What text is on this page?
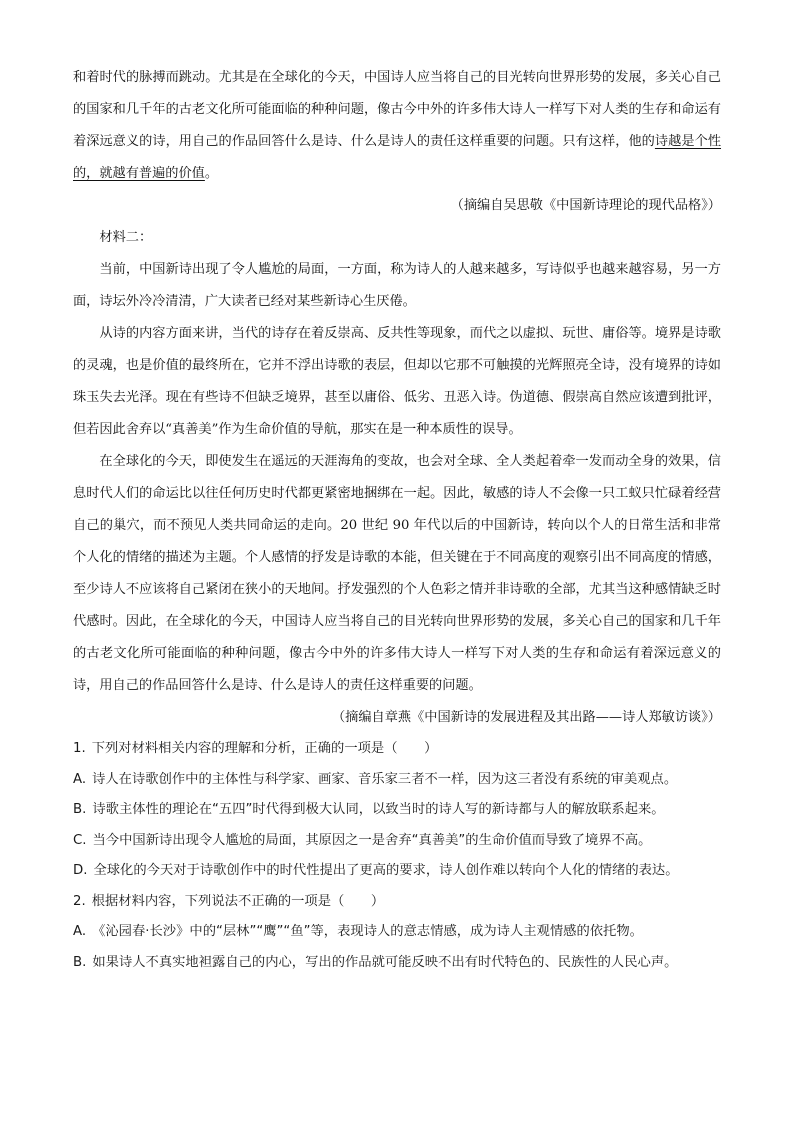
和着时代的脉搏而跳动。尤其是在全球化的今天，中国诗人应当将自己的目光转向世界形势的发展，多关心自己的国家和几千年的古老文化所可能面临的种种问题，像古今中外的许多伟大诗人一样写下对人类的生存和命运有着深远意义的诗，用自己的作品回答什么是诗、什么是诗人的责任这样重要的问题。只有这样，他的诗越是个性的，就越有普遍的价值。

（摘编自吴思敬《中国新诗理论的现代品格》）

材料二：

当前，中国新诗出现了令人尴尬的局面，一方面，称为诗人的人越来越多，写诗似乎也越来越容易，另一方面，诗坛外冷冷清清，广大读者已经对某些新诗心生厌倦。

从诗的内容方面来讲，当代的诗存在着反崇高、反共性等现象，而代之以虚拟、玩世、庸俗等。境界是诗歌的灵魂，也是价值的最终所在，它并不浮出诗歌的表层，但却以它那不可触摸的光辉照亮全诗，没有境界的诗如珠玉失去光泽。现在有些诗不但缺乏境界，甚至以庸俗、低劣、丑恶入诗。伪道德、假崇高自然应该遭到批评，但若因此舍弃以“真善美”作为生命价值的导航，那实在是一种本质性的误导。

在全球化的今天，即使发生在遥远的天涯海角的变故，也会对全球、全人类起着牵一发而动全身的效果，信息时代人们的命运比以往任何历史时代都更紧密地捆绑在一起。因此，敏感的诗人不会像一只工蚁只忙碌着经营自己的巢穴，而不预见人类共同命运的走向。20 世纪 90 年代以后的中国新诗，转向以个人的日常生活和非常个人化的情绪的描述为主题。个人感情的抒发是诗歌的本能，但关键在于不同高度的观察引出不同高度的情感，至少诗人不应该将自己紧闭在狭小的天地间。抒发强烈的个人色彩之情并非诗歌的全部，尤其当这种感情缺乏时代感时。因此，在全球化的今天，中国诗人应当将自己的目光转向世界形势的发展，多关心自己的国家和几千年的古老文化所可能面临的种种问题，像古今中外的许多伟大诗人一样写下对人类的生存和命运有着深远意义的诗，用自己的作品回答什么是诗、什么是诗人的责任这样重要的问题。

（摘编自章燕《中国新诗的发展进程及其出路——诗人郑敏访谈》）

1. 下列对材料相关内容的理解和分析，正确的一项是（　　）

A. 诗人在诗歌创作中的主体性与科学家、画家、音乐家三者不一样，因为这三者没有系统的审美观点。

B. 诗歌主体性的理论在“五四”时代得到极大认同，以致当时的诗人写的新诗都与人的解放联系起来。

C. 当今中国新诗出现令人尴尬的局面，其原因之一是舍弃“真善美”的生命价值而导致了境界不高。

D. 全球化的今天对于诗歌创作中的时代性提出了更高的要求，诗人创作难以转向个人化的情绪的表达。

2. 根据材料内容，下列说法不正确的一项是（　　）

A. 《沁园春·长沙》中的“层林”“鹰”“鱼”等，表现诗人的意志情感，成为诗人主观情感的依托物。

B. 如果诗人不真实地袒露自己的内心，写出的作品就可能反映不出有时代特色的、民族性的人民心声。
